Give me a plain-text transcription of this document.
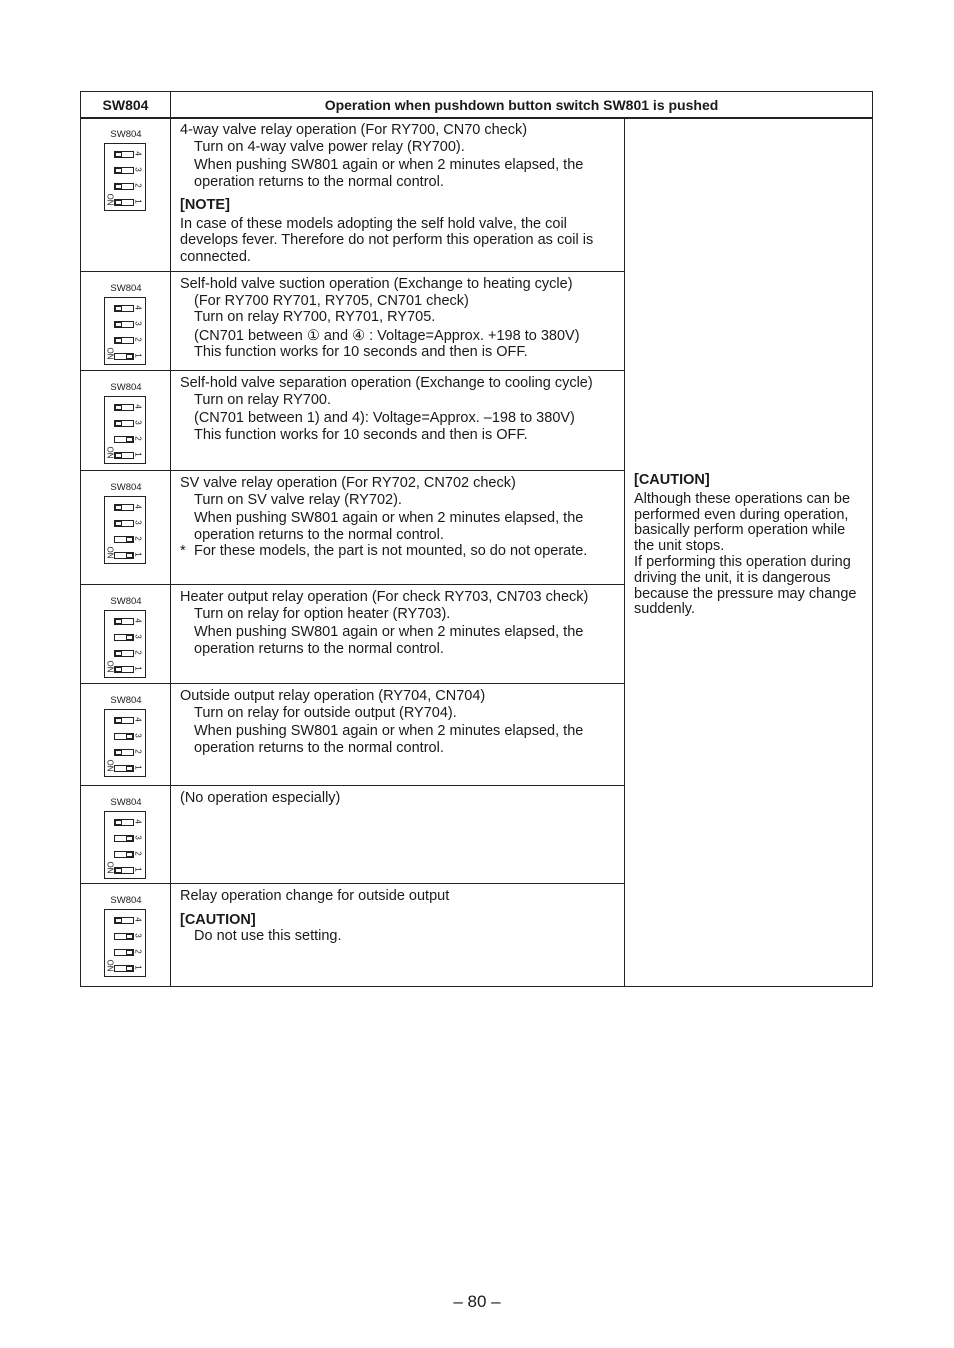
SW804	Operation when pushdown button switch SW801 is pushed
SW804
4
3
2
1
ON

4-way valve relay operation (For RY700, CN70 check)

Turn on 4-way valve power relay (RY700).

When pushing SW801 again or when 2 minutes elapsed, the operation returns to the normal control.

[NOTE]

In case of these models adopting the self hold valve, the coil develops fever. Therefore do not perform this operation as coil is connected.

SW804
4
3
2
1
ON

Self-hold valve suction operation (Exchange to heating cycle)

(For RY700 RY701, RY705, CN701 check)

Turn on relay RY700, RY701, RY705.

(CN701 between ① and ④ : Voltage=Approx. +198 to 380V)

This function works for 10 seconds and then is OFF.

SW804
4
3
2
1
ON

Self-hold valve separation operation (Exchange to cooling cycle)

Turn on relay RY700.

(CN701 between 1) and 4): Voltage=Approx. –198 to 380V)

This function works for 10 seconds and then is OFF.

SW804
4
3
2
1
ON

SV valve relay operation (For RY702, CN702 check)

Turn on SV valve relay (RY702).

When pushing SW801 again or when 2 minutes elapsed, the operation returns to the normal control.

* For these models, the part is not mounted, so do not operate.

SW804
4
3
2
1
ON

Heater output relay operation (For check RY703, CN703 check)

Turn on relay for option heater (RY703).

When pushing SW801 again or when 2 minutes elapsed, the operation returns to the normal control.

SW804
4
3
2
1
ON

Outside output relay operation (RY704, CN704)

Turn on relay for outside output (RY704).

When pushing SW801 again or when 2 minutes elapsed, the operation returns to the normal control.

SW804
4
3
2
1
ON

(No operation especially)

SW804
4
3
2
1
ON

Relay operation change for outside output

[CAUTION]

Do not use this setting.

[CAUTION]

Although these operations can be performed even during operation, basically perform operation while the unit stops.

If performing this operation during driving the unit, it is dangerous because the pressure may change suddenly.

– 80 –
